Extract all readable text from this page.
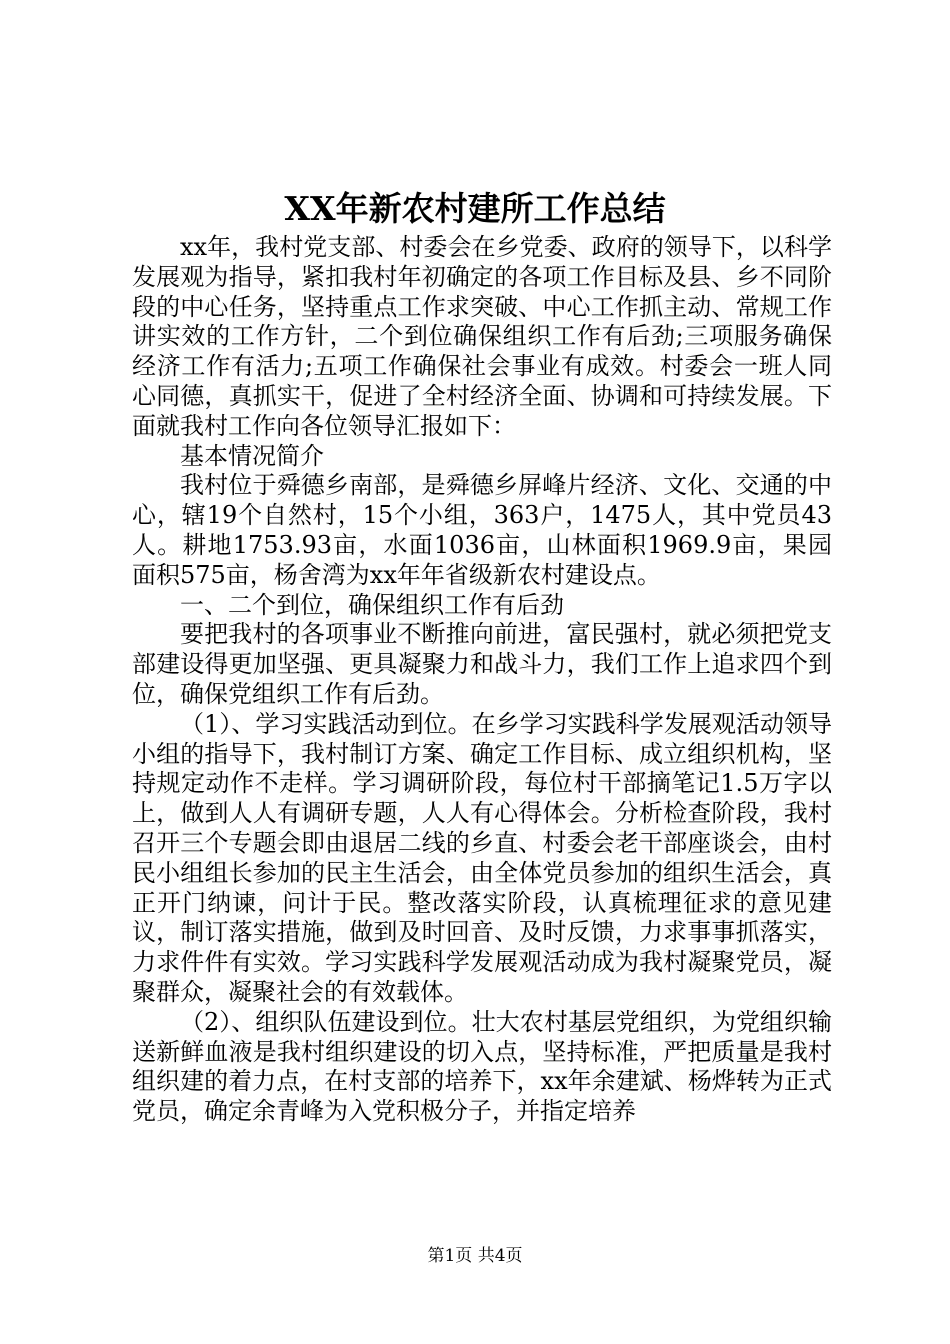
XX年新农村建所工作总结

xx年，我村党支部、村委会在乡党委、政府的领导下，以科学发展观为指导，紧扣我村年初确定的各项工作目标及县、乡不同阶段的中心任务，坚持重点工作求突破、中心工作抓主动、常规工作讲实效的工作方针，二个到位确保组织工作有后劲;三项服务确保经济工作有活力;五项工作确保社会事业有成效。村委会一班人同心同德，真抓实干，促进了全村经济全面、协调和可持续发展。下面就我村工作向各位领导汇报如下：

基本情况简介

我村位于舜德乡南部，是舜德乡屏峰片经济、文化、交通的中心，辖19个自然村，15个小组，363户，1475人，其中党员43人。耕地1753.93亩，水面1036亩，山林面积1969.9亩，果园面积575亩，杨舍湾为xx年年省级新农村建设点。

一、二个到位，确保组织工作有后劲

要把我村的各项事业不断推向前进，富民强村，就必须把党支部建设得更加坚强、更具凝聚力和战斗力，我们工作上追求四个到位，确保党组织工作有后劲。

（1）、学习实践活动到位。在乡学习实践科学发展观活动领导小组的指导下，我村制订方案、确定工作目标、成立组织机构，坚持规定动作不走样。学习调研阶段，每位村干部摘笔记1.5万字以上，做到人人有调研专题，人人有心得体会。分析检查阶段，我村召开三个专题会即由退居二线的乡直、村委会老干部座谈会，由村民小组组长参加的民主生活会，由全体党员参加的组织生活会，真正开门纳谏，问计于民。整改落实阶段，认真梳理征求的意见建议，制订落实措施，做到及时回音、及时反馈，力求事事抓落实，力求件件有实效。学习实践科学发展观活动成为我村凝聚党员，凝聚群众，凝聚社会的有效载体。

（2）、组织队伍建设到位。壮大农村基层党组织，为党组织输送新鲜血液是我村组织建设的切入点，坚持标准，严把质量是我村组织建的着力点，在村支部的培养下，xx年余建斌、杨烨转为正式党员，确定余青峰为入党积极分子，并指定培养

第1页 共4页
